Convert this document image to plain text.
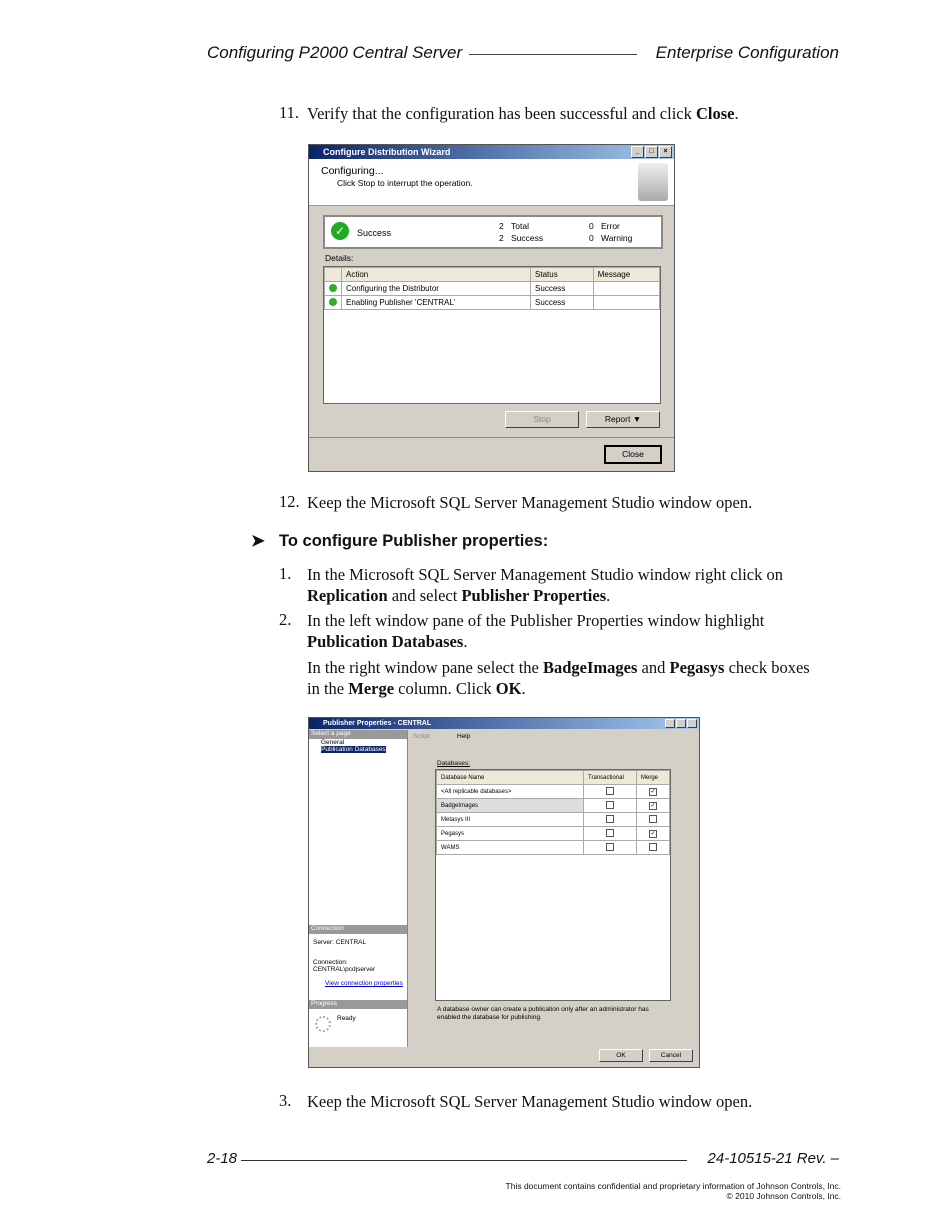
Configuring P2000 Central Server	Enterprise Configuration
11. Verify that the configuration has been successful and click Close.
Configure Distribution Wizard	_	□	×
Configuring...
Click Stop to interrupt the operation.
✓	Success
2 Total
2 Success
0 Error
0 Warning
Details:
	Action	Status	Message
	Configuring the Distributor	Success	
	Enabling Publisher 'CENTRAL'	Success	
Stop	Report ▼
Close
12. Keep the Microsoft SQL Server Management Studio window open.
➤ To configure Publisher properties:
1. In the Microsoft SQL Server Management Studio window right click on
Replication and select Publisher Properties.
2. In the left window pane of the Publisher Properties window highlight
Publication Databases.
In the right window pane select the BadgeImages and Pegasys check boxes
in the Merge column. Click OK.
Publisher Properties - CENTRAL
Select a page
General
Publication Databases
Connection
Server: CENTRAL
Connection: CENTRAL\pcdjserver
View connection properties
Progress
Ready
Script	Help
Databases:
Database Name	Transactional	Merge
<All replicable databases>		✓
BadgeImages		✓
Metasys III		
Pegasys		✓
WAMS		
A database owner can create a publication only after an administrator has enabled the database for publishing.
OK	Cancel
3. Keep the Microsoft SQL Server Management Studio window open.
2-18	24-10515-21 Rev. –
This document contains confidential and proprietary information of Johnson Controls, Inc.
© 2010 Johnson Controls, Inc.
